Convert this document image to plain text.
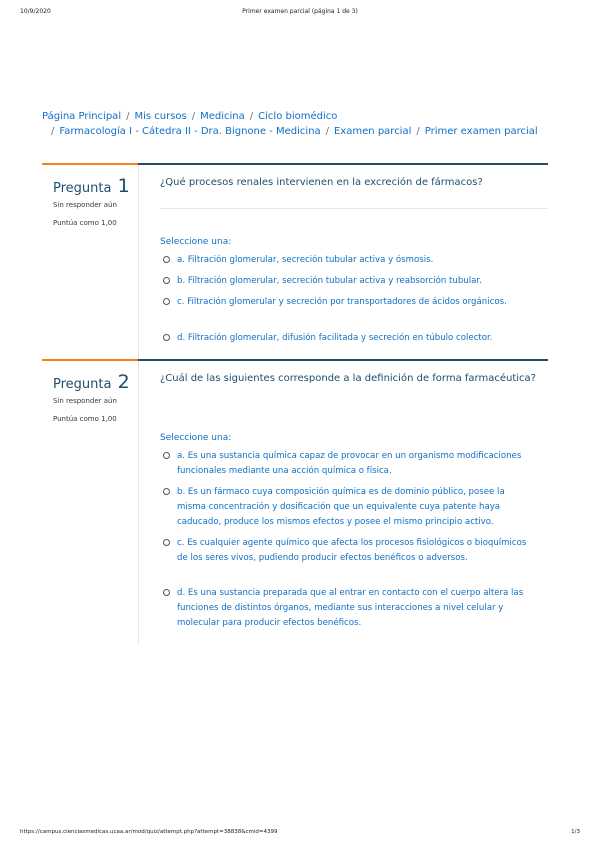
10/9/2020	Primer examen parcial (página 1 de 3)
Página Principal / Mis cursos / Medicina / Ciclo biomédico
/ Farmacología I - Cátedra II - Dra. Bignone - Medicina / Examen parcial / Primer examen parcial
Pregunta 1
Sin responder aún
Puntúa como 1,00
¿Qué procesos renales intervienen en la excreción de fármacos?
Seleccione una:
a. Filtración glomerular, secreción tubular activa y ósmosis.
b. Filtración glomerular, secreción tubular activa y reabsorción tubular.
c. Filtración glomerular y secreción por transportadores de ácidos orgánicos.
d. Filtración glomerular, difusión facilitada y secreción en túbulo colector.
Pregunta 2
Sin responder aún
Puntúa como 1,00
¿Cuál de las siguientes corresponde a la definición de forma farmacéutica?
Seleccione una:
a. Es una sustancia química capaz de provocar en un organismo modificaciones funcionales mediante una acción química o física.
b. Es un fármaco cuya composición química es de dominio público, posee la misma concentración y dosificación que un equivalente cuya patente haya caducado, produce los mismos efectos y posee el mismo principio activo.
c. Es cualquier agente químico que afecta los procesos fisiológicos o bioquímicos de los seres vivos, pudiendo producir efectos benéficos o adversos.
d. Es una sustancia preparada que al entrar en contacto con el cuerpo altera las funciones de distintos órganos, mediante sus interacciones a nivel celular y molecular para producir efectos benéficos.
https://campus.cienciasmedicas.ucaa.ar/mod/quiz/attempt.php?attempt=38838&cmid=4399	1/3
